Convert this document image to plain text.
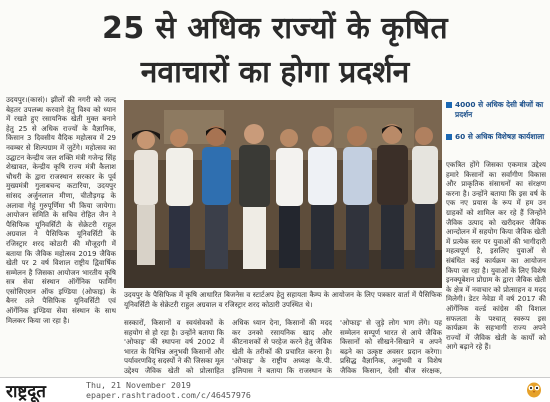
25 से अधिक राज्यों के कृषित
नवाचारों का होगा प्रदर्शन
उदयपुर।(कासं)। झीलों की नगरी को जल्द बेहतर उपलब्ध करवाने हेतु विश्व को ध्यान में रखते हुए रसायनिक खेती मुक्त बनाने हेतु 25 से अधिक राज्यों के वैज्ञानिक, किसान 3 दिवसीय वैदिक महोत्सव में 29 नवम्बर से शिल्पग्राम में जुटेंगे। महोत्सव का उद्घाटन केन्द्रीय जल शक्ति मंत्री गजेन्द्र सिंह शेखावत, केन्द्रीय कृषि राज्य मंत्री कैलाश चौधरी के द्वारा राजस्थान सरकार के पूर्व मुख्यमंत्री गुलाबचन्द कटारिया, उदयपुर सांसद अर्जुनलाल मीणा, चीतौड़गढ़ के अलावा गेहूं गुरुपूर्णिमा भी किया जायेगा। आयोजन समिति के सचिव रोहित जैन ने पैसिफिक यूनिवर्सिटी के सेक्रेटरी राहुल अग्रवाल ने पैसिफिक यूनिवर्सिटी के रजिस्ट्रार शरद कोठारी की मौजूदगी में बताया कि जैविक महोत्सव 2019 जैविक खेती पर 2 वर्ष विशाल राष्ट्रीय द्विवार्षिक सम्मेलन है जिसका आयोजन भारतीय कृषि सत्र सेवा संस्थान ऑर्गेनिक फार्मिंग एसोसिएशन ऑफ इण्डिया (ओफाइ) के बैनर तले पैसिफिक यूनिवर्सिटी एवं ऑर्गेनिक इण्डिया सेवा संस्थान के साथ मिलकर किया जा रहा है।
उदयपुर के पैसिफिक में कृषि आधारित बिजनेस व स्टार्टअप हेतु सहायता कैम्प के आयोजन के लिए पत्रकार वार्ता में पैसिफिक यूनिवर्सिटी के सेक्रेटरी राहुल अग्रवाल व रजिस्ट्रार शरद कोठारी उपस्थित थे।
सस्कारों, किसानों व स्वयंसेवकों के सहयोग से हो रहा है। उन्होंने बताया कि 'ओफाइ' की स्थापना वर्ष 2002 में भारत के विभिन्न अनुभवी किसानों और पर्यावरणविद् सदस्यों ने की जिसका मूल उद्देश्य जैविक खेती को प्रोत्साहित
अधिक ध्यान देना, किसानों की मदद कर उनको रसायनिक खाद और कीटनाशकों से परहेज करने हेतु जैविक खेती के तरीकों की प्रचारित करना है। 'ओफाइ' के राष्ट्रीय अध्यक्ष के.पी. इलियास ने बताया कि राजस्थान के
'ओफाइ' से जुड़े लोग भाग लेंगे। यह सम्मेलन सम्पूर्ण भारत से आये जैविक किसानों को सीखने-सिखाने व अपने बढ़ने का उत्कृष्ट अवसर प्रदान करेगा। प्रसिद्ध वैज्ञानिक, अनुभवी व विशेष जैविक किसान, देसी बीज संरक्षक,
4000 से अधिक देसी बीजों का प्रदर्शन
60 से अधिक विशेषज्ञ कार्यशाला
एकत्रित होंगे जिसका एकमात्र उद्देश्य हमारे किसानों का सर्वांगीण विकास और प्राकृतिक संसाधनों का संरक्षण करना है। उन्होंने बताया कि इस वर्ष के एक नए प्रयास के रूप में हम उन ग्राहकों को शामिल कर रहे हैं जिन्होंने जैविक उत्पाद को खरीदकर जैविक आन्दोलन में सहयोग किया जैविक खेती में प्रत्येक स्तर पर युवाओं की भागीदारी महत्वपूर्ण है, इसलिए युवाओं से संबंधित कई कार्यक्रम का आयोजन किया जा रहा है। युवाओं के लिए विशेष इनक्यूबेशन प्रोग्राम के द्वारा जैविक खेती के क्षेत्र में नवाचार को प्रोत्साहन व मदद मिलेगी। डेटर नेवेडा में वर्ष 2017 की ऑर्गेनिक वर्ल्ड कांग्रेस की विशाल सफलता के पश्चात् स्वरूप इस कार्यक्रम के सहभागी राज्य अपने राज्यों में जैविक खेती के कार्यों को आगे बढ़ाने रहे हैं।
राष्ट्रदूत	Thu, 21 November 2019
epaper.rashtradoot.com/c/46457976
